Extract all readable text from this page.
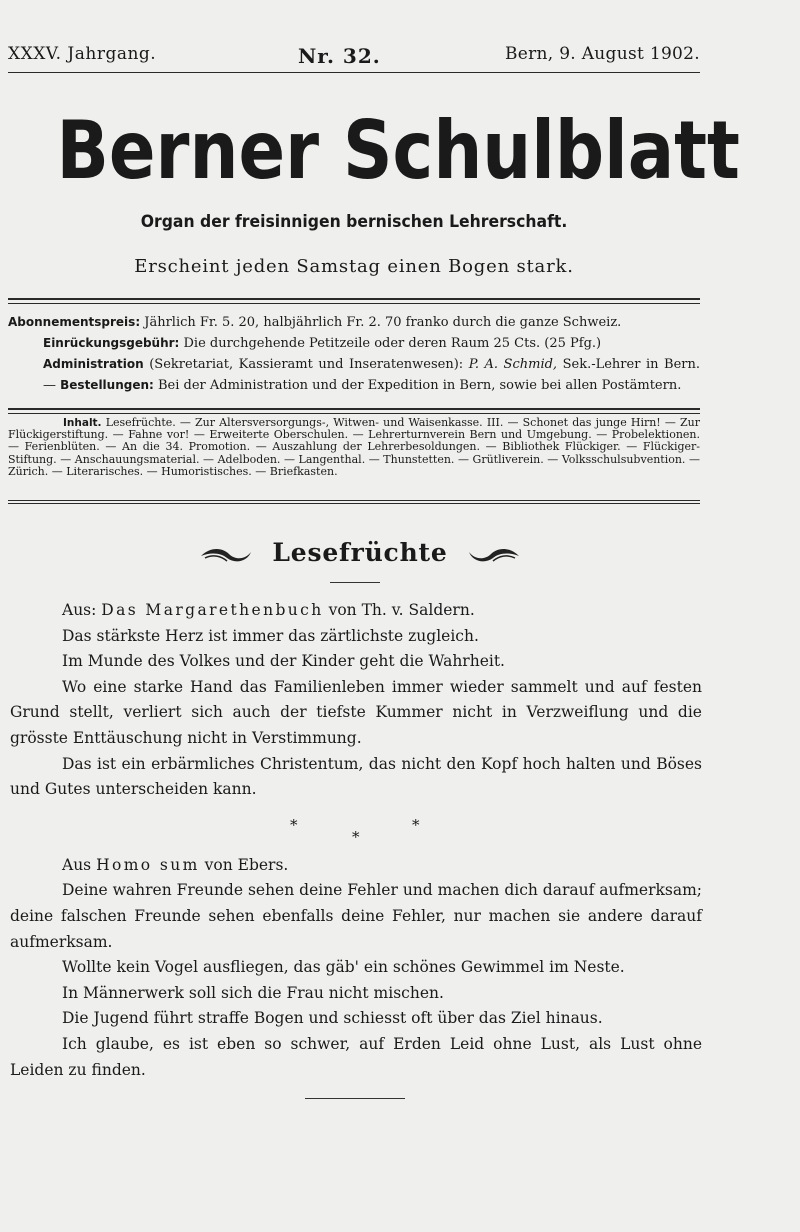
XXXV. Jahrgang.	Nr. 32.	Bern, 9. August 1902.
Berner Schulblatt
Organ der freisinnigen bernischen Lehrerschaft.
Erscheint jeden Samstag einen Bogen stark.

Abonnementspreis: Jährlich Fr. 5. 20, halbjährlich Fr. 2. 70 franko durch die ganze Schweiz.

Einrückungsgebühr: Die durchgehende Petitzeile oder deren Raum 25 Cts. (25 Pfg.)

Administration (Sekretariat, Kassieramt und Inseratenwesen): P. A. Schmid, Sek.-Lehrer in Bern. — Bestellungen: Bei der Administration und der Expedition in Bern, sowie bei allen Postämtern.

Inhalt. Lesefrüchte. — Zur Altersversorgungs-, Witwen- und Waisenkasse. III. — Schonet das junge Hirn! — Zur Flückigerstiftung. — Fahne vor! — Erweiterte Oberschulen. — Lehrerturnverein Bern und Umgebung. — Probelektionen. — Ferienblüten. — An die 34. Promotion. — Auszahlung der Lehrerbesoldungen. — Bibliothek Flückiger. — Flückiger-Stiftung. — Anschauungsmaterial. — Adelboden. — Langenthal. — Thunstetten. — Grütliverein. — Volksschulsubvention. — Zürich. — Literarisches. — Humoristisches. — Briefkasten.
Lesefrüchte

Aus: Das Margarethenbuch von Th. v. Saldern.

Das stärkste Herz ist immer das zärtlichste zugleich.

Im Munde des Volkes und der Kinder geht die Wahrheit.

Wo eine starke Hand das Familienleben immer wieder sammelt und auf festen Grund stellt, verliert sich auch der tiefste Kummer nicht in Verzweiflung und die grösste Enttäuschung nicht in Verstimmung.

Das ist ein erbärmliches Christentum, das nicht den Kopf hoch halten und Böses und Gutes unterscheiden kann.

*
*
*

Aus Homo sum von Ebers.

Deine wahren Freunde sehen deine Fehler und machen dich darauf aufmerksam; deine falschen Freunde sehen ebenfalls deine Fehler, nur machen sie andere darauf aufmerksam.

Wollte kein Vogel ausfliegen, das gäb' ein schönes Gewimmel im Neste.

In Männerwerk soll sich die Frau nicht mischen.

Die Jugend führt straffe Bogen und schiesst oft über das Ziel hinaus.

Ich glaube, es ist eben so schwer, auf Erden Leid ohne Lust, als Lust ohne Leiden zu finden.
